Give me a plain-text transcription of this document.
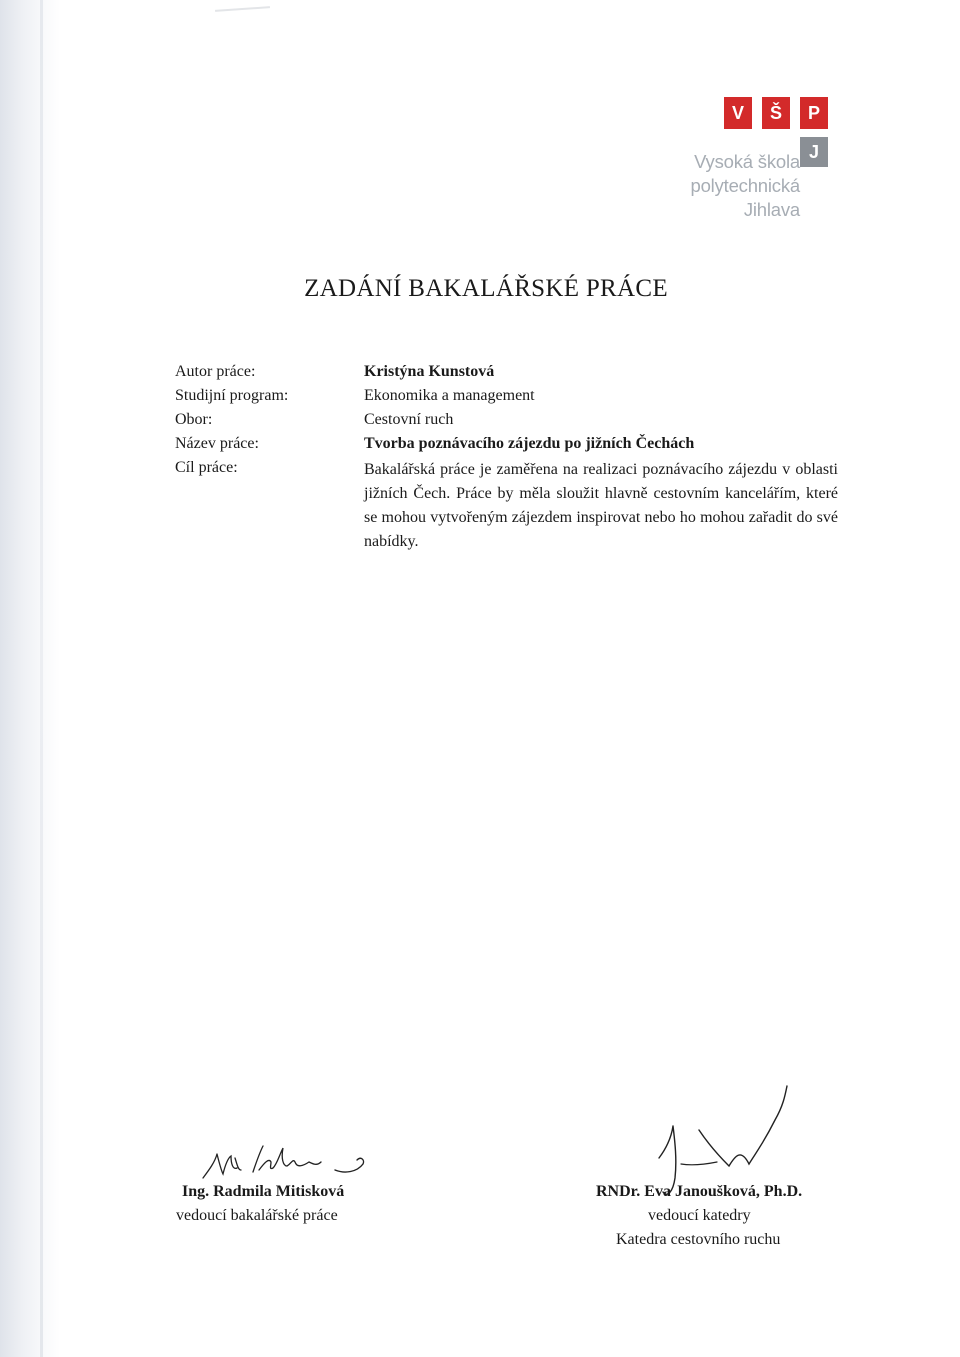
V	Š	P
J
Vysoká škola
polytechnická
Jihlava
ZADÁNÍ BAKALÁŘSKÉ PRÁCE
Autor práce:	Kristýna Kunstová
Studijní program:	Ekonomika a management
Obor:	Cestovní ruch
Název práce:	Tvorba poznávacího zájezdu po jižních Čechách
Cíl práce:	Bakalářská práce je zaměřena na realizaci poznávacího zájezdu v oblasti jižních Čech. Práce by měla sloužit hlavně cestovním kancelářím, které se mohou vytvořeným zájezdem inspirovat nebo ho mohou zařadit do své nabídky.
Ing. Radmila Mitisková
vedoucí bakalářské práce
RNDr. Eva Janoušková, Ph.D.
vedoucí katedry
Katedra cestovního ruchu
